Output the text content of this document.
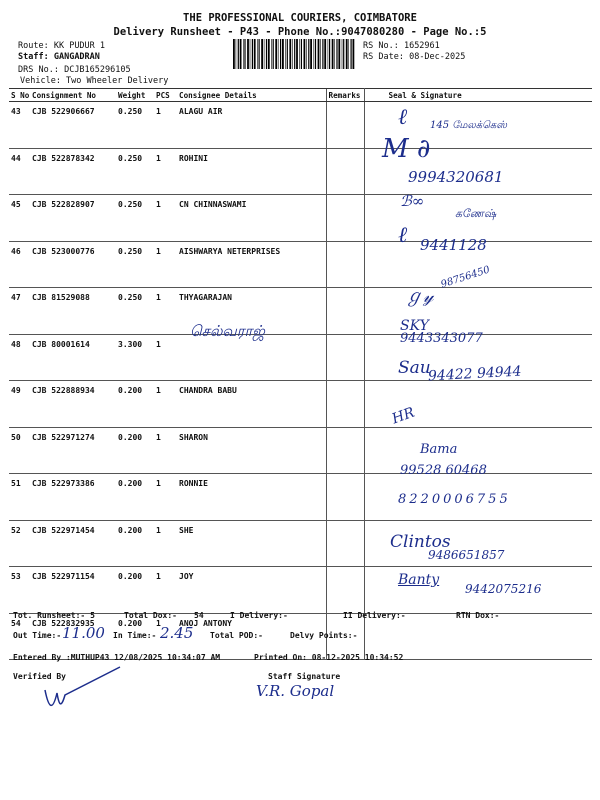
THE PROFESSIONAL COURIERS, COIMBATORE
Delivery Runsheet - P43 - Phone No.:9047080280 - Page No.:5
Route: KK PUDUR 1
Staff: GANGADRAN
DRS No.: DCJB165296105
Vehicle: Two Wheeler Delivery
RS No.: 1652961
RS Date: 08-Dec-2025
S No	Consignment No	Weight	PCS	Consignee Details	Remarks	Seal & Signature
43	CJB 522906667	0.250	1	ALAGU AIR		
44	CJB 522878342	0.250	1	ROHINI		
45	CJB 522828907	0.250	1	CN CHINNASWAMI		
46	CJB 523000776	0.250	1	AISHWARYA NETERPRISES		
47	CJB 81529088	0.250	1	THYAGARAJAN		
48	CJB 80001614	3.300	1			
49	CJB 522888934	0.200	1	CHANDRA BABU		
50	CJB 522971274	0.200	1	SHARON		
51	CJB 522973386	0.200	1	RONNIE		
52	CJB 522971454	0.200	1	SHE		
53	CJB 522971154	0.200	1	JOY		
54	CJB 522832935	0.200	1	ANOJ ANTONY		
ℓ 145 மேலக்கெஸ்
M ∂
9994320681
ℬ∞
கணேஷ்
ℓ 9441128
ℊ𝓎
98756450
செல்வராஜ்	SKY
9443343077
Sau
94422 94944
HR
Bama
99528 60468
8220006755
Clintos
9486651857
Banty
9442075216
Tot. Runsheet:- 5	Total Dox:- 54	I Delivery:-	II Delivery:-	RTN Dox:-
Out Time:- 11.00 In Time:- 2.45 Total POD:-	Delvy Points:-
Entered By :MUTHUP43 12/08/2025 10:34:07 AM	Printed On: 08-12-2025 10:34:52
Verified By	Staff Signature
V.R. Gopal
